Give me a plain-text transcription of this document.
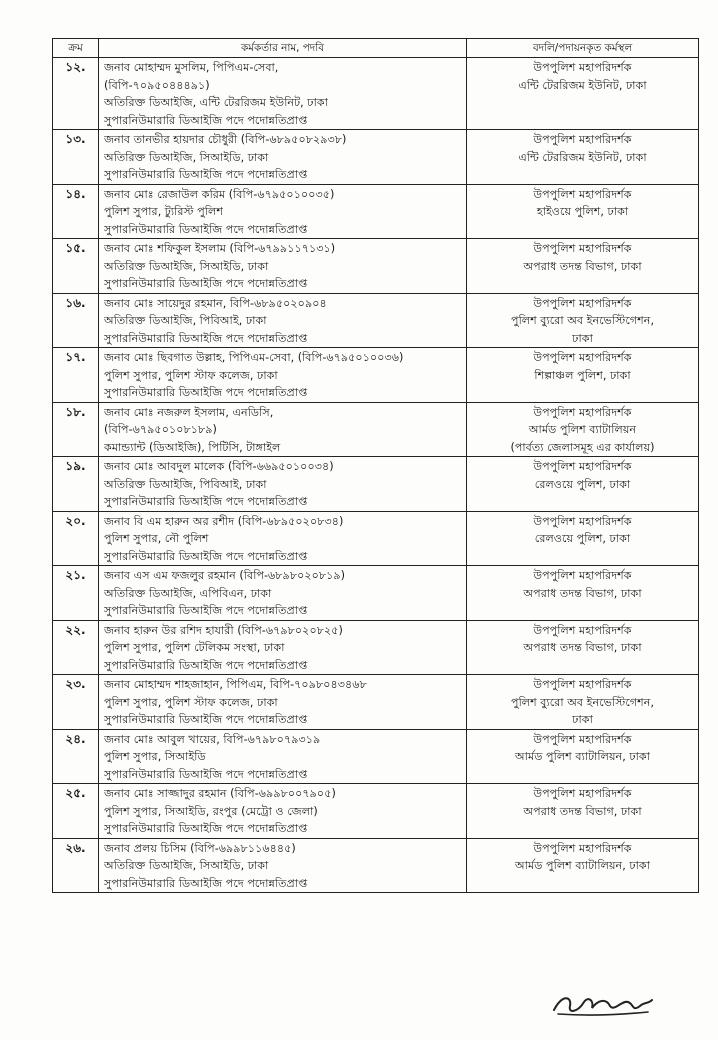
ক্রম	কর্মকর্তার নাম, পদবি	বদলি/পদায়নকৃত কর্মস্থল
১২.	জনাব মোহাম্মদ মুসলিম, পিপিএম-সেবা,
(বিপি-৭০৯৫০৪৪৪৯১)
অতিরিক্ত ডিআইজি, এন্টি টেররিজম ইউনিট, ঢাকা
সুপারনিউমারারি ডিআইজি পদে পদোন্নতিপ্রাপ্ত	উপপুলিশ মহাপরিদর্শক
এন্টি টেররিজম ইউনিট, ঢাকা

১৩.	জনাব তানভীর হায়দার চৌধুরী (বিপি-৬৮৯৫০৮২৯৩৮)
অতিরিক্ত ডিআইজি, সিআইডি, ঢাকা
সুপারনিউমারারি ডিআইজি পদে পদোন্নতিপ্রাপ্ত	উপপুলিশ মহাপরিদর্শক
এন্টি টেররিজম ইউনিট, ঢাকা

১৪.	জনাব মোঃ রেজাউল করিম (বিপি-৬৭৯৫০১০০৩৫)
পুলিশ সুপার, ট্যুরিস্ট পুলিশ
সুপারনিউমারারি ডিআইজি পদে পদোন্নতিপ্রাপ্ত	উপপুলিশ মহাপরিদর্শক
হাইওয়ে পুলিশ, ঢাকা

১৫.	জনাব মোঃ শফিকুল ইসলাম (বিপি-৬৭৯৯১১৭১৩১)
অতিরিক্ত ডিআইজি, সিআইডি, ঢাকা
সুপারনিউমারারি ডিআইজি পদে পদোন্নতিপ্রাপ্ত	উপপুলিশ মহাপরিদর্শক
অপরাধ তদন্ত বিভাগ, ঢাকা

১৬.	জনাব মোঃ সায়েদুর রহমান, বিপি-৬৮৯৫০২০৯০৪
অতিরিক্ত ডিআইজি, পিবিআই, ঢাকা
সুপারনিউমারারি ডিআইজি পদে পদোন্নতিপ্রাপ্ত	উপপুলিশ মহাপরিদর্শক
পুলিশ ব্যুরো অব ইনভেস্টিগেশন,
ঢাকা

১৭.	জনাব মোঃ ছিবগাত উল্লাহ, পিপিএম-সেবা, (বিপি-৬৭৯৫০১০০৩৬)
পুলিশ সুপার, পুলিশ স্টাফ কলেজ, ঢাকা
সুপারনিউমারারি ডিআইজি পদে পদোন্নতিপ্রাপ্ত	উপপুলিশ মহাপরিদর্শক
শিল্পাঞ্চল পুলিশ, ঢাকা

১৮.	জনাব মোঃ নজরুল ইসলাম, এনডিসি,
(বিপি-৬৭৯৫০১০৮১৮৯)
কমান্ড্যান্ট (ডিআইজি), পিটিসি, টাঙ্গাইল	উপপুলিশ মহাপরিদর্শক
আর্মড পুলিশ ব্যাটালিয়ন
(পার্বত্য জেলাসমূহ এর কার্যালয়)

১৯.	জনাব মোঃ আবদুল মালেক (বিপি-৬৬৯৫০১০০৩৪)
অতিরিক্ত ডিআইজি, পিবিআই, ঢাকা
সুপারনিউমারারি ডিআইজি পদে পদোন্নতিপ্রাপ্ত	উপপুলিশ মহাপরিদর্শক
রেলওয়ে পুলিশ, ঢাকা

২০.	জনাব বি এম হারুন অর রশীদ (বিপি-৬৮৯৫০২০৮৩৪)
পুলিশ সুপার, নৌ পুলিশ
সুপারনিউমারারি ডিআইজি পদে পদোন্নতিপ্রাপ্ত	উপপুলিশ মহাপরিদর্শক
রেলওয়ে পুলিশ, ঢাকা

২১.	জনাব এস এম ফজলুর রহমান (বিপি-৬৮৯৮০২০৮১৯)
অতিরিক্ত ডিআইজি, এপিবিএন, ঢাকা
সুপারনিউমারারি ডিআইজি পদে পদোন্নতিপ্রাপ্ত	উপপুলিশ মহাপরিদর্শক
অপরাধ তদন্ত বিভাগ, ঢাকা

২২.	জনাব হারুন উর রশিদ হাযারী (বিপি-৬৭৯৮০২০৮২৫)
পুলিশ সুপার, পুলিশ টেলিকম সংস্থা, ঢাকা
সুপারনিউমারারি ডিআইজি পদে পদোন্নতিপ্রাপ্ত	উপপুলিশ মহাপরিদর্শক
অপরাধ তদন্ত বিভাগ, ঢাকা

২৩.	জনাব মোহাম্মদ শাহজাহান, পিপিএম, বিপি-৭০৯৮০৪৩৪৬৮
পুলিশ সুপার, পুলিশ স্টাফ কলেজ, ঢাকা
সুপারনিউমারারি ডিআইজি পদে পদোন্নতিপ্রাপ্ত	উপপুলিশ মহাপরিদর্শক
পুলিশ ব্যুরো অব ইনভেস্টিগেশন,
ঢাকা

২৪.	জনাব মোঃ আবুল খায়ের, বিপি-৬৭৯৮০৭৯৩১৯
পুলিশ সুপার, সিআইডি
সুপারনিউমারারি ডিআইজি পদে পদোন্নতিপ্রাপ্ত	উপপুলিশ মহাপরিদর্শক
আর্মড পুলিশ ব্যাটালিয়ন, ঢাকা

২৫.	জনাব মোঃ সাজ্জাদুর রহমান (বিপি-৬৯৯৮০০৭৯০৫)
পুলিশ সুপার, সিআইডি, রংপুর (মেট্রো ও জেলা)
সুপারনিউমারারি ডিআইজি পদে পদোন্নতিপ্রাপ্ত	উপপুলিশ মহাপরিদর্শক
অপরাধ তদন্ত বিভাগ, ঢাকা

২৬.	জনাব প্রলয় চিসিম (বিপি-৬৯৯৮১১৬৪৪৫)
অতিরিক্ত ডিআইজি, সিআইডি, ঢাকা
সুপারনিউমারারি ডিআইজি পদে পদোন্নতিপ্রাপ্ত	উপপুলিশ মহাপরিদর্শক
আর্মড পুলিশ ব্যাটালিয়ন, ঢাকা
